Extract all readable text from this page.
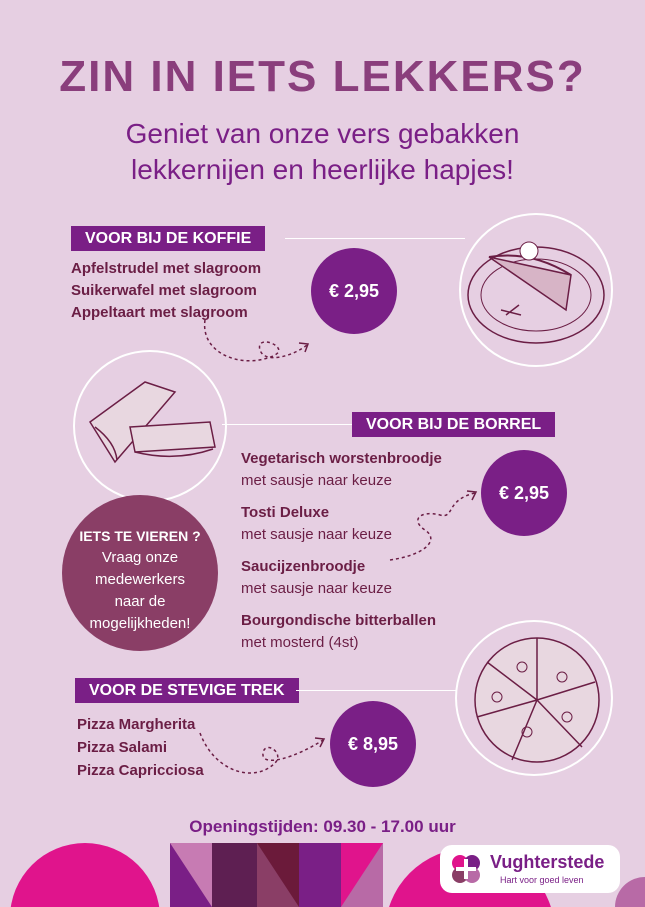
ZIN IN IETS LEKKERS?
Geniet van onze vers gebakken
lekkernijen en heerlijke hapjes!
VOOR BIJ DE KOFFIE
Apfelstrudel met slagroom
Suikerwafel met slagroom
Appeltaart met slagroom
€ 2,95
VOOR BIJ DE BORREL
Vegetarisch worstenbroodje
met sausje naar keuze
Tosti Deluxe
met sausje naar keuze
Saucijzenbroodje
met sausje naar keuze
Bourgondische bitterballen
met mosterd (4st)
€ 2,95
IETS TE VIEREN ?
Vraag onze
medewerkers
naar de
mogelijkheden!
VOOR DE STEVIGE TREK
Pizza Margherita
Pizza Salami
Pizza Capricciosa
€ 8,95
Openingstijden: 09.30 - 17.00 uur
Vughterstede
Hart voor goed leven
